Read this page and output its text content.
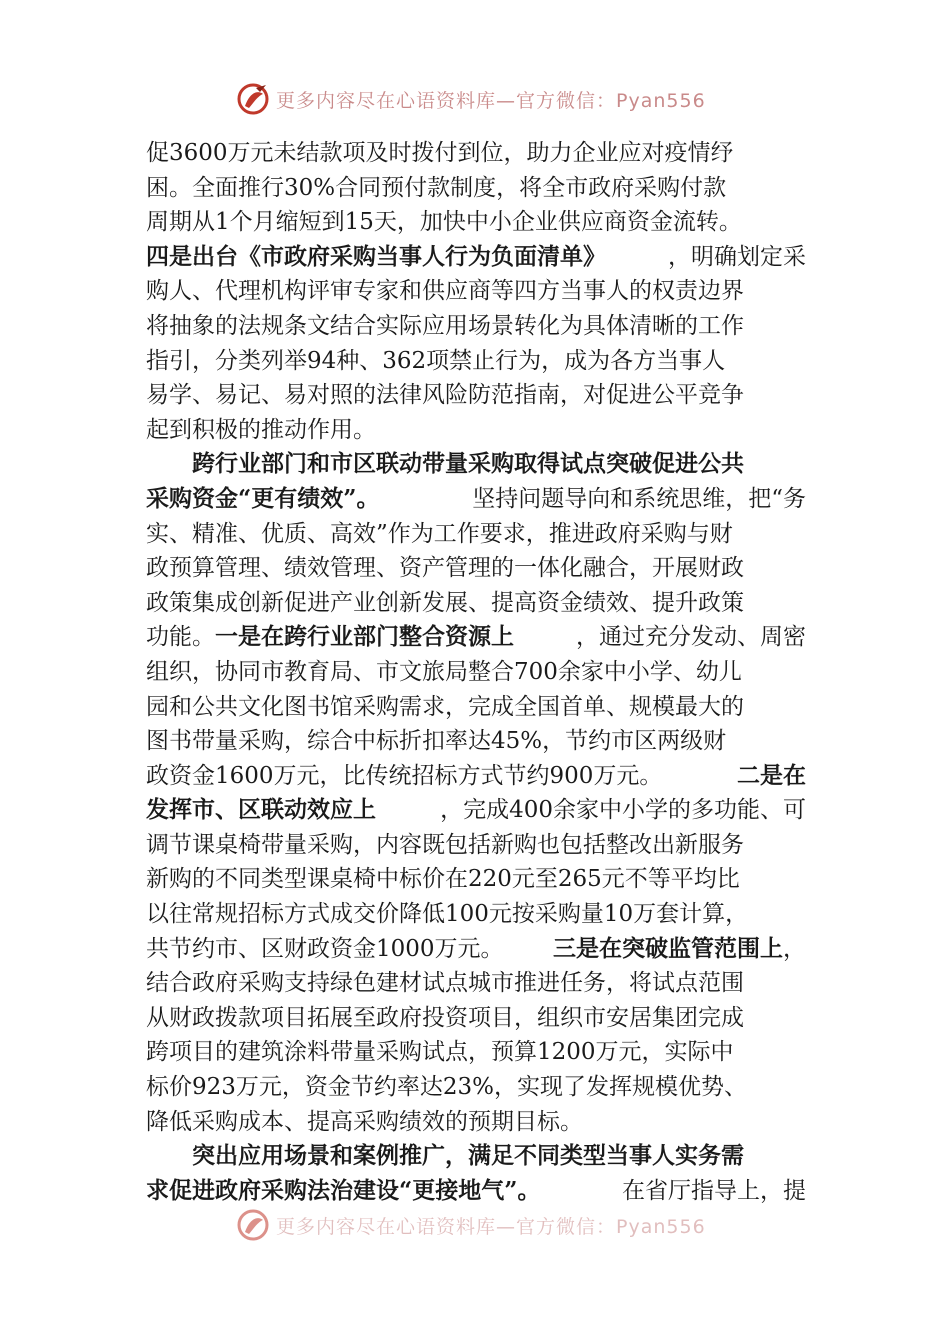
更多内容尽在心语资料库—官方微信：Pyan556
促3600万元未结款项及时拨付到位，助力企业应对疫情纾
困。全面推行30%合同预付款制度，将全市政府采购付款
周期从1个月缩短到15天，加快中小企业供应商资金流转。
四是出台《市政府采购当事人行为负面清单》	，明确划定采
购人、代理机构评审专家和供应商等四方当事人的权责边界
将抽象的法规条文结合实际应用场景转化为具体清晰的工作
指引，分类列举94种、362项禁止行为，成为各方当事人
易学、易记、易对照的法律风险防范指南，对促进公平竞争
起到积极的推动作用。
跨行业部门和市区联动带量采购取得试点突破促进公共
采购资金“更有绩效”。	坚持问题导向和系统思维，把“务
实、精准、优质、高效”作为工作要求，推进政府采购与财
政预算管理、绩效管理、资产管理的一体化融合，开展财政
政策集成创新促进产业创新发展、提高资金绩效、提升政策
功能。一是在跨行业部门整合资源上	，通过充分发动、周密
组织，协同市教育局、市文旅局整合700余家中小学、幼儿
园和公共文化图书馆采购需求，完成全国首单、规模最大的
图书带量采购，综合中标折扣率达45%，节约市区两级财
政资金1600万元，比传统招标方式节约900万元。	二是在
发挥市、区联动效应上	，完成400余家中小学的多功能、可
调节课桌椅带量采购，内容既包括新购也包括整改出新服务
新购的不同类型课桌椅中标价在220元至265元不等平均比
以往常规招标方式成交价降低100元按采购量10万套计算，
共节约市、区财政资金1000万元。 三是在突破监管范围上，
结合政府采购支持绿色建材试点城市推进任务，将试点范围
从财政拨款项目拓展至政府投资项目，组织市安居集团完成
跨项目的建筑涂料带量采购试点，预算1200万元，实际中
标价923万元，资金节约率达23%，实现了发挥规模优势、
降低采购成本、提高采购绩效的预期目标。
突出应用场景和案例推广，满足不同类型当事人实务需
求促进政府采购法治建设“更接地气”。	在省厅指导上，提
更多内容尽在心语资料库—官方微信：Pyan556
